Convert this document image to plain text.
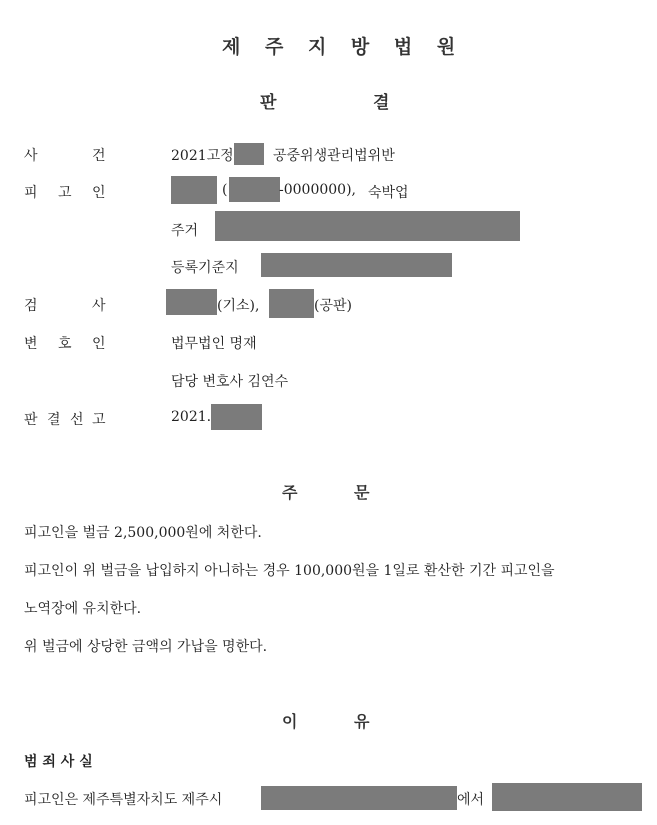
제 주 지 방 법 원
판	결
사	건	2021고정	공중위생관리법위반
피 고 인	(	-0000000), 숙박업
주거
등록기준지
검	사	(기소),	(공판)
변 호 인	법무법인 명재
담당 변호사 김연수
판 결 선 고	2021.
주	문
피고인을 벌금 2,500,000원에 처한다.
피고인이 위 벌금을 납입하지 아니하는 경우 100,000원을 1일로 환산한 기간 피고인을
노역장에 유치한다.
위 벌금에 상당한 금액의 가납을 명한다.
이	유
범 죄 사 실
피고인은 제주특별자치도 제주시	에서
